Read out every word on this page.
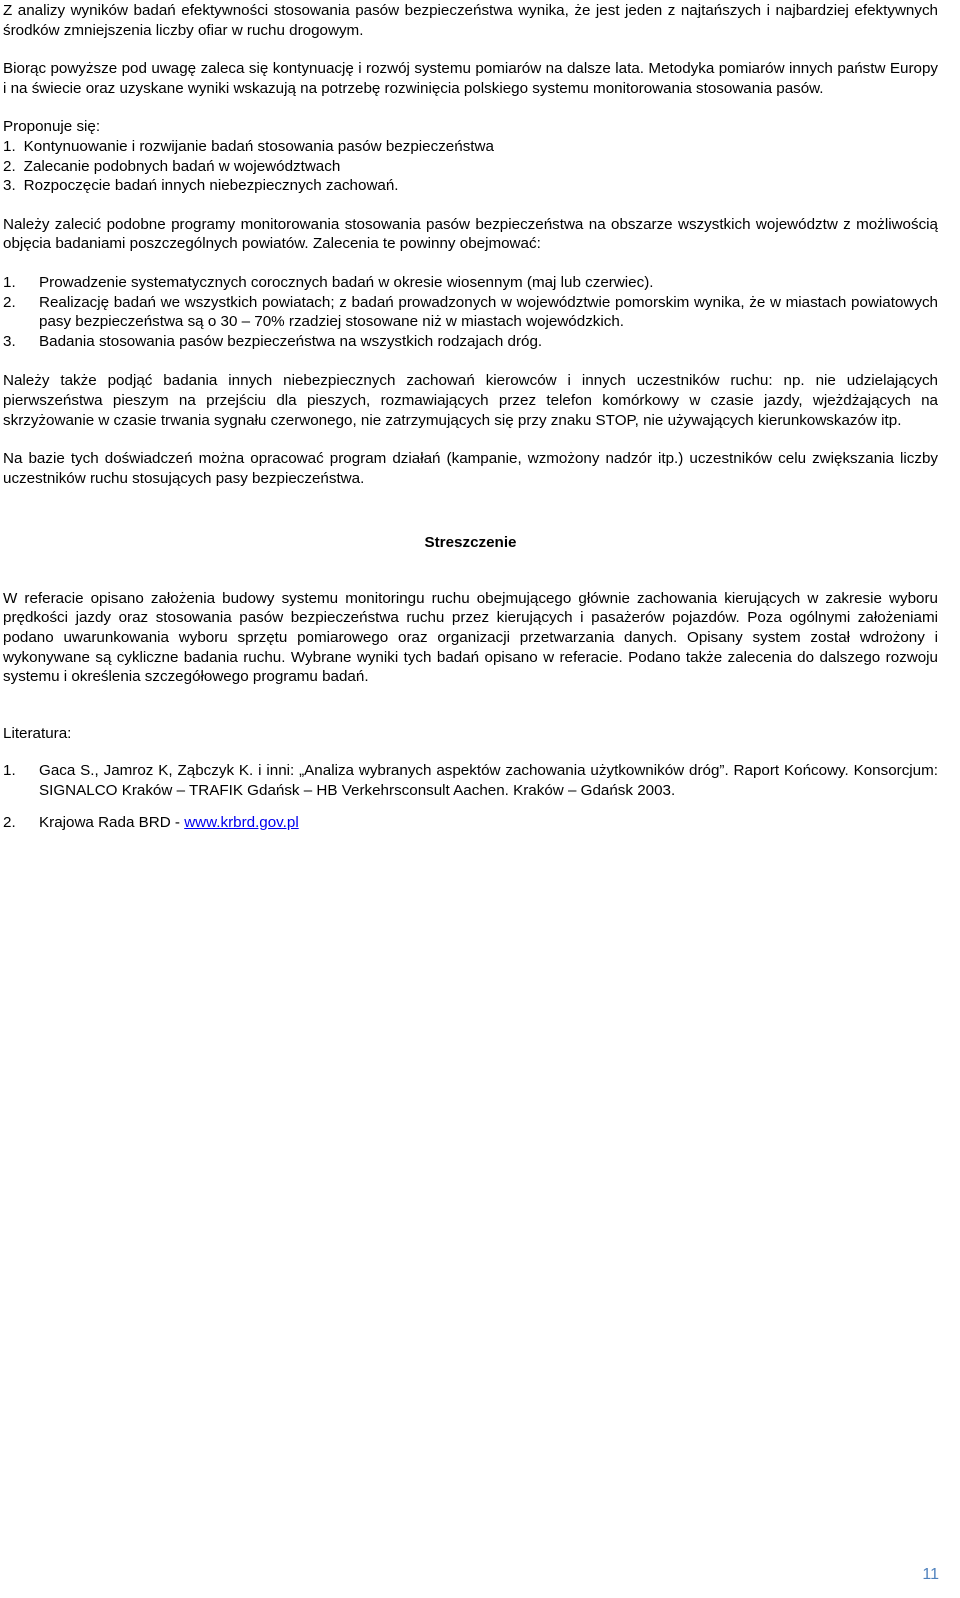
Z analizy wyników badań efektywności stosowania pasów bezpieczeństwa wynika, że jest jeden z najtańszych i najbardziej efektywnych środków zmniejszenia liczby ofiar w ruchu drogowym.

Biorąc powyższe pod uwagę zaleca się kontynuację i rozwój systemu pomiarów na dalsze lata. Metodyka pomiarów innych państw Europy i na świecie oraz uzyskane wyniki wskazują na potrzebę rozwinięcia polskiego systemu monitorowania stosowania pasów.

Proponuje się:

1. Kontynuowanie i rozwijanie badań stosowania pasów bezpieczeństwa
2. Zalecanie podobnych badań w województwach
3. Rozpoczęcie badań innych niebezpiecznych zachowań.

Należy zalecić podobne programy monitorowania stosowania pasów bezpieczeństwa na obszarze wszystkich województw z możliwością objęcia badaniami poszczególnych powiatów. Zalecenia te powinny obejmować:

1.	Prowadzenie systematycznych corocznych badań w okresie wiosennym (maj lub czerwiec).
2.	Realizację badań we wszystkich powiatach; z badań prowadzonych w województwie pomorskim wynika, że w miastach powiatowych pasy bezpieczeństwa są o 30 – 70% rzadziej stosowane niż w miastach wojewódzkich.
3.	Badania stosowania pasów bezpieczeństwa na wszystkich rodzajach dróg.

Należy także podjąć badania innych niebezpiecznych zachowań kierowców i innych uczestników ruchu: np. nie udzielających pierwszeństwa pieszym na przejściu dla pieszych, rozmawiających przez telefon komórkowy w czasie jazdy, wjeżdżających na skrzyżowanie w czasie trwania sygnału czerwonego, nie zatrzymujących się przy znaku STOP, nie używających kierunkowskazów itp.

Na bazie tych doświadczeń można opracować program działań (kampanie, wzmożony nadzór itp.) uczestników celu zwiększania liczby uczestników ruchu stosujących pasy bezpieczeństwa.

Streszczenie

W referacie opisano założenia budowy systemu monitoringu ruchu obejmującego głównie zachowania kierujących w zakresie wyboru prędkości jazdy oraz stosowania pasów bezpieczeństwa ruchu przez kierujących i pasażerów pojazdów. Poza ogólnymi założeniami podano uwarunkowania wyboru sprzętu pomiarowego oraz organizacji przetwarzania danych. Opisany system został wdrożony i wykonywane są cykliczne badania ruchu. Wybrane wyniki tych badań opisano w referacie. Podano także zalecenia do dalszego rozwoju systemu i określenia szczegółowego programu badań.

Literatura:

1.	Gaca S., Jamroz K, Ząbczyk K. i inni: „Analiza wybranych aspektów zachowania użytkowników dróg”. Raport Końcowy. Konsorcjum: SIGNALCO Kraków – TRAFIK Gdańsk – HB Verkehrsconsult Aachen. Kraków – Gdańsk 2003.
2.	Krajowa Rada BRD - www.krbrd.gov.pl
11
